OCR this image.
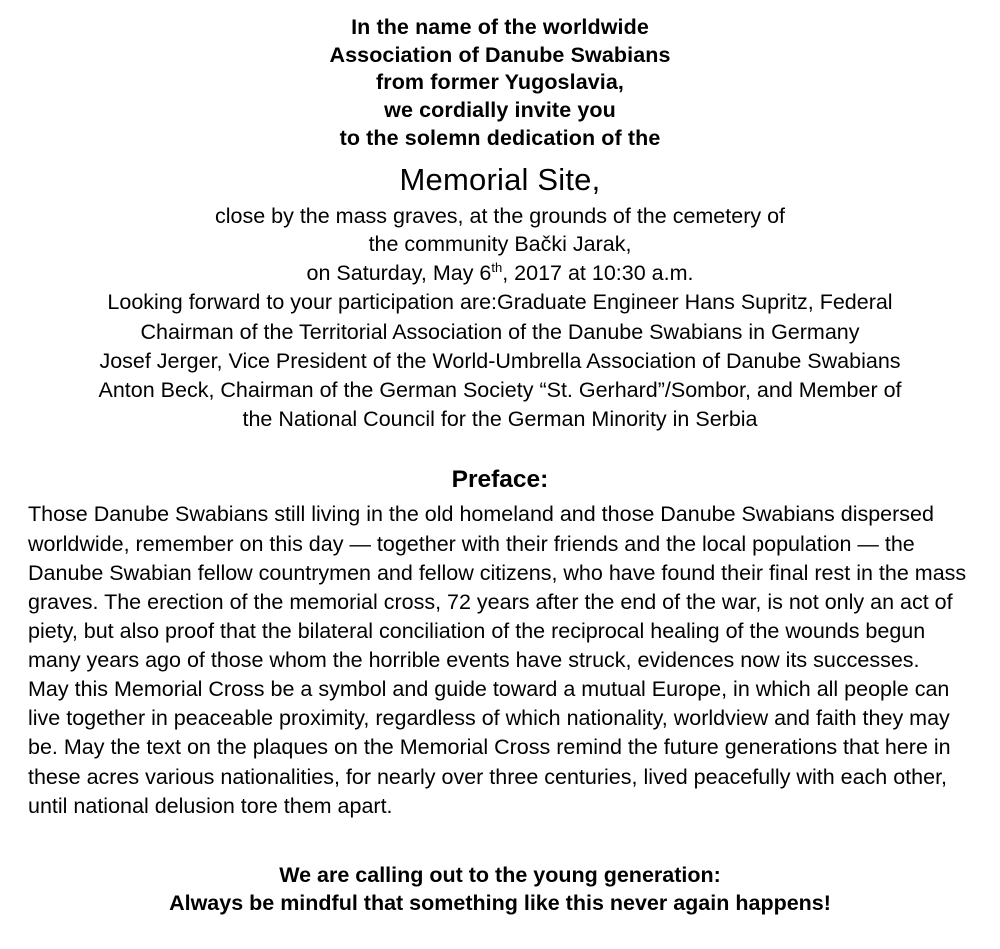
In the name of the worldwide
Association of Danube Swabians
from former Yugoslavia,
we cordially invite you
to the solemn dedication of the
Memorial Site,
close by the mass graves, at the grounds of the cemetery of
the community Bački Jarak,
on Saturday, May 6th, 2017 at 10:30 a.m.
Looking forward to your participation are:Graduate Engineer Hans Supritz, Federal
Chairman of the Territorial Association of the Danube Swabians in Germany
Josef Jerger, Vice President of the World-Umbrella Association of Danube Swabians
Anton Beck, Chairman of the German Society “St. Gerhard”/Sombor, and Member of
the National Council for the German Minority in Serbia
Preface:

Those Danube Swabians still living in the old homeland and those Danube Swabians dispersed worldwide, remember on this day — together with their friends and the local population — the Danube Swabian fellow countrymen and fellow citizens, who have found their final rest in the mass graves. The erection of the memorial cross, 72 years after the end of the war, is not only an act of piety, but also proof that the bilateral conciliation of the reciprocal healing of the wounds begun many years ago of those whom the horrible events have struck, evidences now its successes.

May this Memorial Cross be a symbol and guide toward a mutual Europe, in which all people can live together in peaceable proximity, regardless of which nationality, worldview and faith they may be. May the text on the plaques on the Memorial Cross remind the future generations that here in these acres various nationalities, for nearly over three centuries, lived peacefully with each other, until national delusion tore them apart.

We are calling out to the young generation:
Always be mindful that something like this never again happens!
